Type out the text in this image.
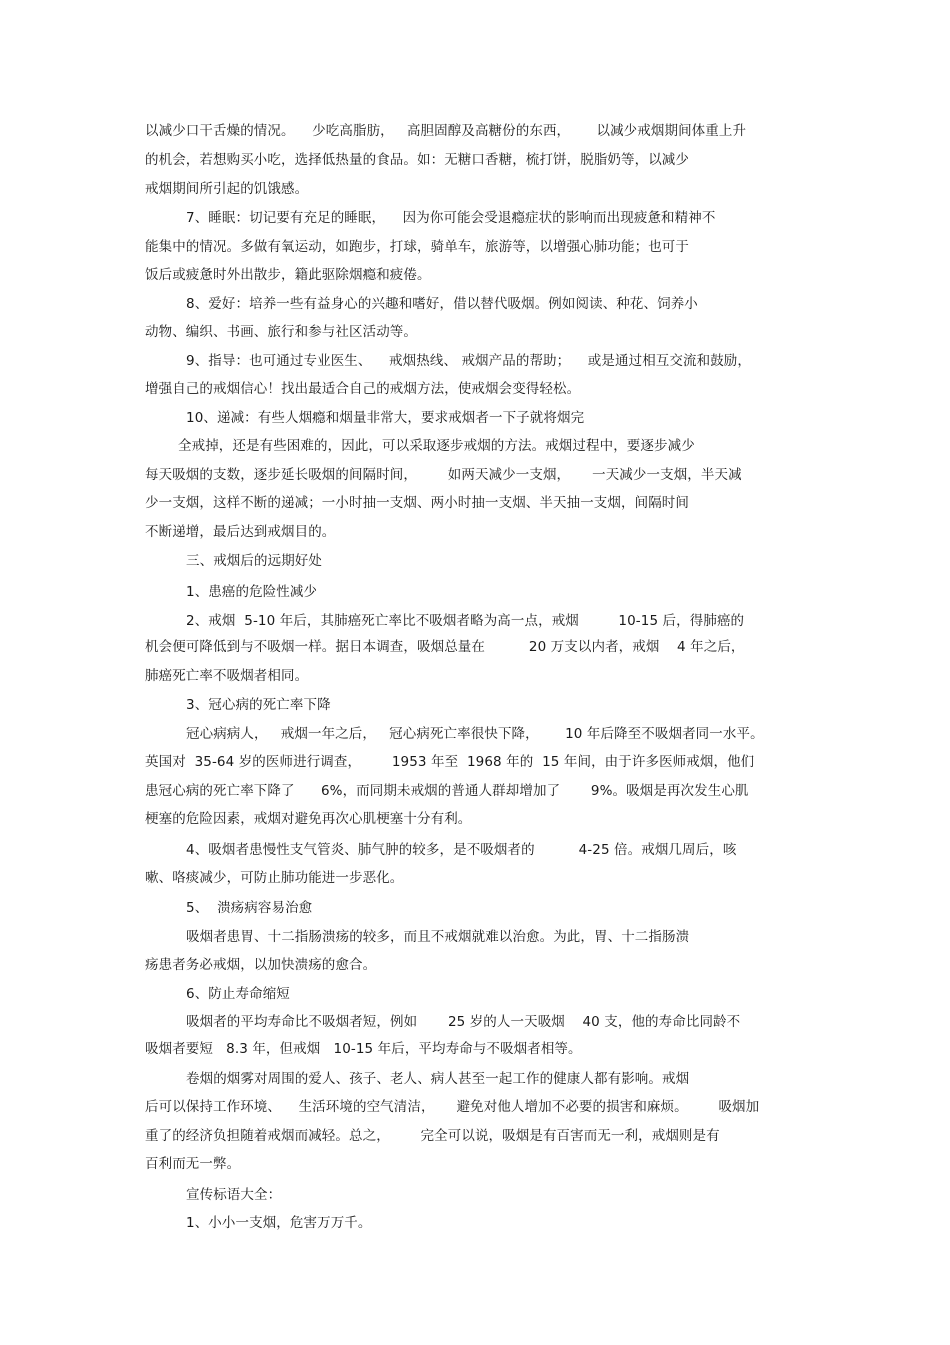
以减少口干舌燥的情况。    少吃高脂肪，   高胆固醇及高糖份的东西，      以减少戒烟期间体重上升
的机会，若想购买小吃，选择低热量的食品。如：无糖口香糖，梳打饼，脱脂奶等，以减少
戒烟期间所引起的饥饿感。
7、睡眠：切记要有充足的睡眠，    因为你可能会受退瘾症状的影响而出现疲惫和精神不
能集中的情况。多做有氧运动，如跑步，打球，骑单车，旅游等，以增强心肺功能；也可于
饭后或疲惫时外出散步，籍此驱除烟瘾和疲倦。
8、爱好：培养一些有益身心的兴趣和嗜好，借以替代吸烟。例如阅读、种花、饲养小
动物、编织、书画、旅行和参与社区活动等。
9、指导：也可通过专业医生、    戒烟热线、 戒烟产品的帮助；    或是通过相互交流和鼓励，
增强自己的戒烟信心！找出最适合自己的戒烟方法，使戒烟会变得轻松。
10、递减：有些人烟瘾和烟量非常大，要求戒烟者一下子就将烟完
全戒掉，还是有些困难的，因此，可以采取逐步戒烟的方法。戒烟过程中，要逐步减少
每天吸烟的支数，逐步延长吸烟的间隔时间，       如两天减少一支烟，     一天减少一支烟，半天减
少一支烟，这样不断的递减；一小时抽一支烟、两小时抽一支烟、半天抽一支烟，间隔时间
不断递增，最后达到戒烟目的。
三、戒烟后的远期好处
1、患癌的危险性减少
2、戒烟  5-10 年后，其肺癌死亡率比不吸烟者略为高一点，戒烟         10-15 后，得肺癌的
机会便可降低到与不吸烟一样。据日本调查，吸烟总量在          20 万支以内者，戒烟    4 年之后，
肺癌死亡率不吸烟者相同。
3、冠心病的死亡率下降
冠心病病人，   戒烟一年之后，   冠心病死亡率很快下降，      10 年后降至不吸烟者同一水平。
英国对  35-64 岁的医师进行调查，       1953 年至  1968 年的  15 年间，由于许多医师戒烟，他们
患冠心病的死亡率下降了      6%，而同期未戒烟的普通人群却增加了       9%。吸烟是再次发生心肌
梗塞的危险因素，戒烟对避免再次心肌梗塞十分有利。
4、吸烟者患慢性支气管炎、肺气肿的较多，是不吸烟者的          4-25 倍。戒烟几周后，咳
嗽、咯痰减少，可防止肺功能进一步恶化。
5、  溃疡病容易治愈
吸烟者患胃、十二指肠溃疡的较多，而且不戒烟就难以治愈。为此，胃、十二指肠溃
疡患者务必戒烟，以加快溃疡的愈合。
6、防止寿命缩短
吸烟者的平均寿命比不吸烟者短，例如       25 岁的人一天吸烟    40 支，他的寿命比同龄不
吸烟者要短   8.3 年，但戒烟   10-15 年后，平均寿命与不吸烟者相等。
卷烟的烟雾对周围的爱人、孩子、老人、病人甚至一起工作的健康人都有影响。戒烟
后可以保持工作环境、    生活环境的空气清洁，     避免对他人增加不必要的损害和麻烦。       吸烟加
重了的经济负担随着戒烟而减轻。总之，       完全可以说，吸烟是有百害而无一利，戒烟则是有
百利而无一弊。
宣传标语大全：
1、小小一支烟，危害万万千。
